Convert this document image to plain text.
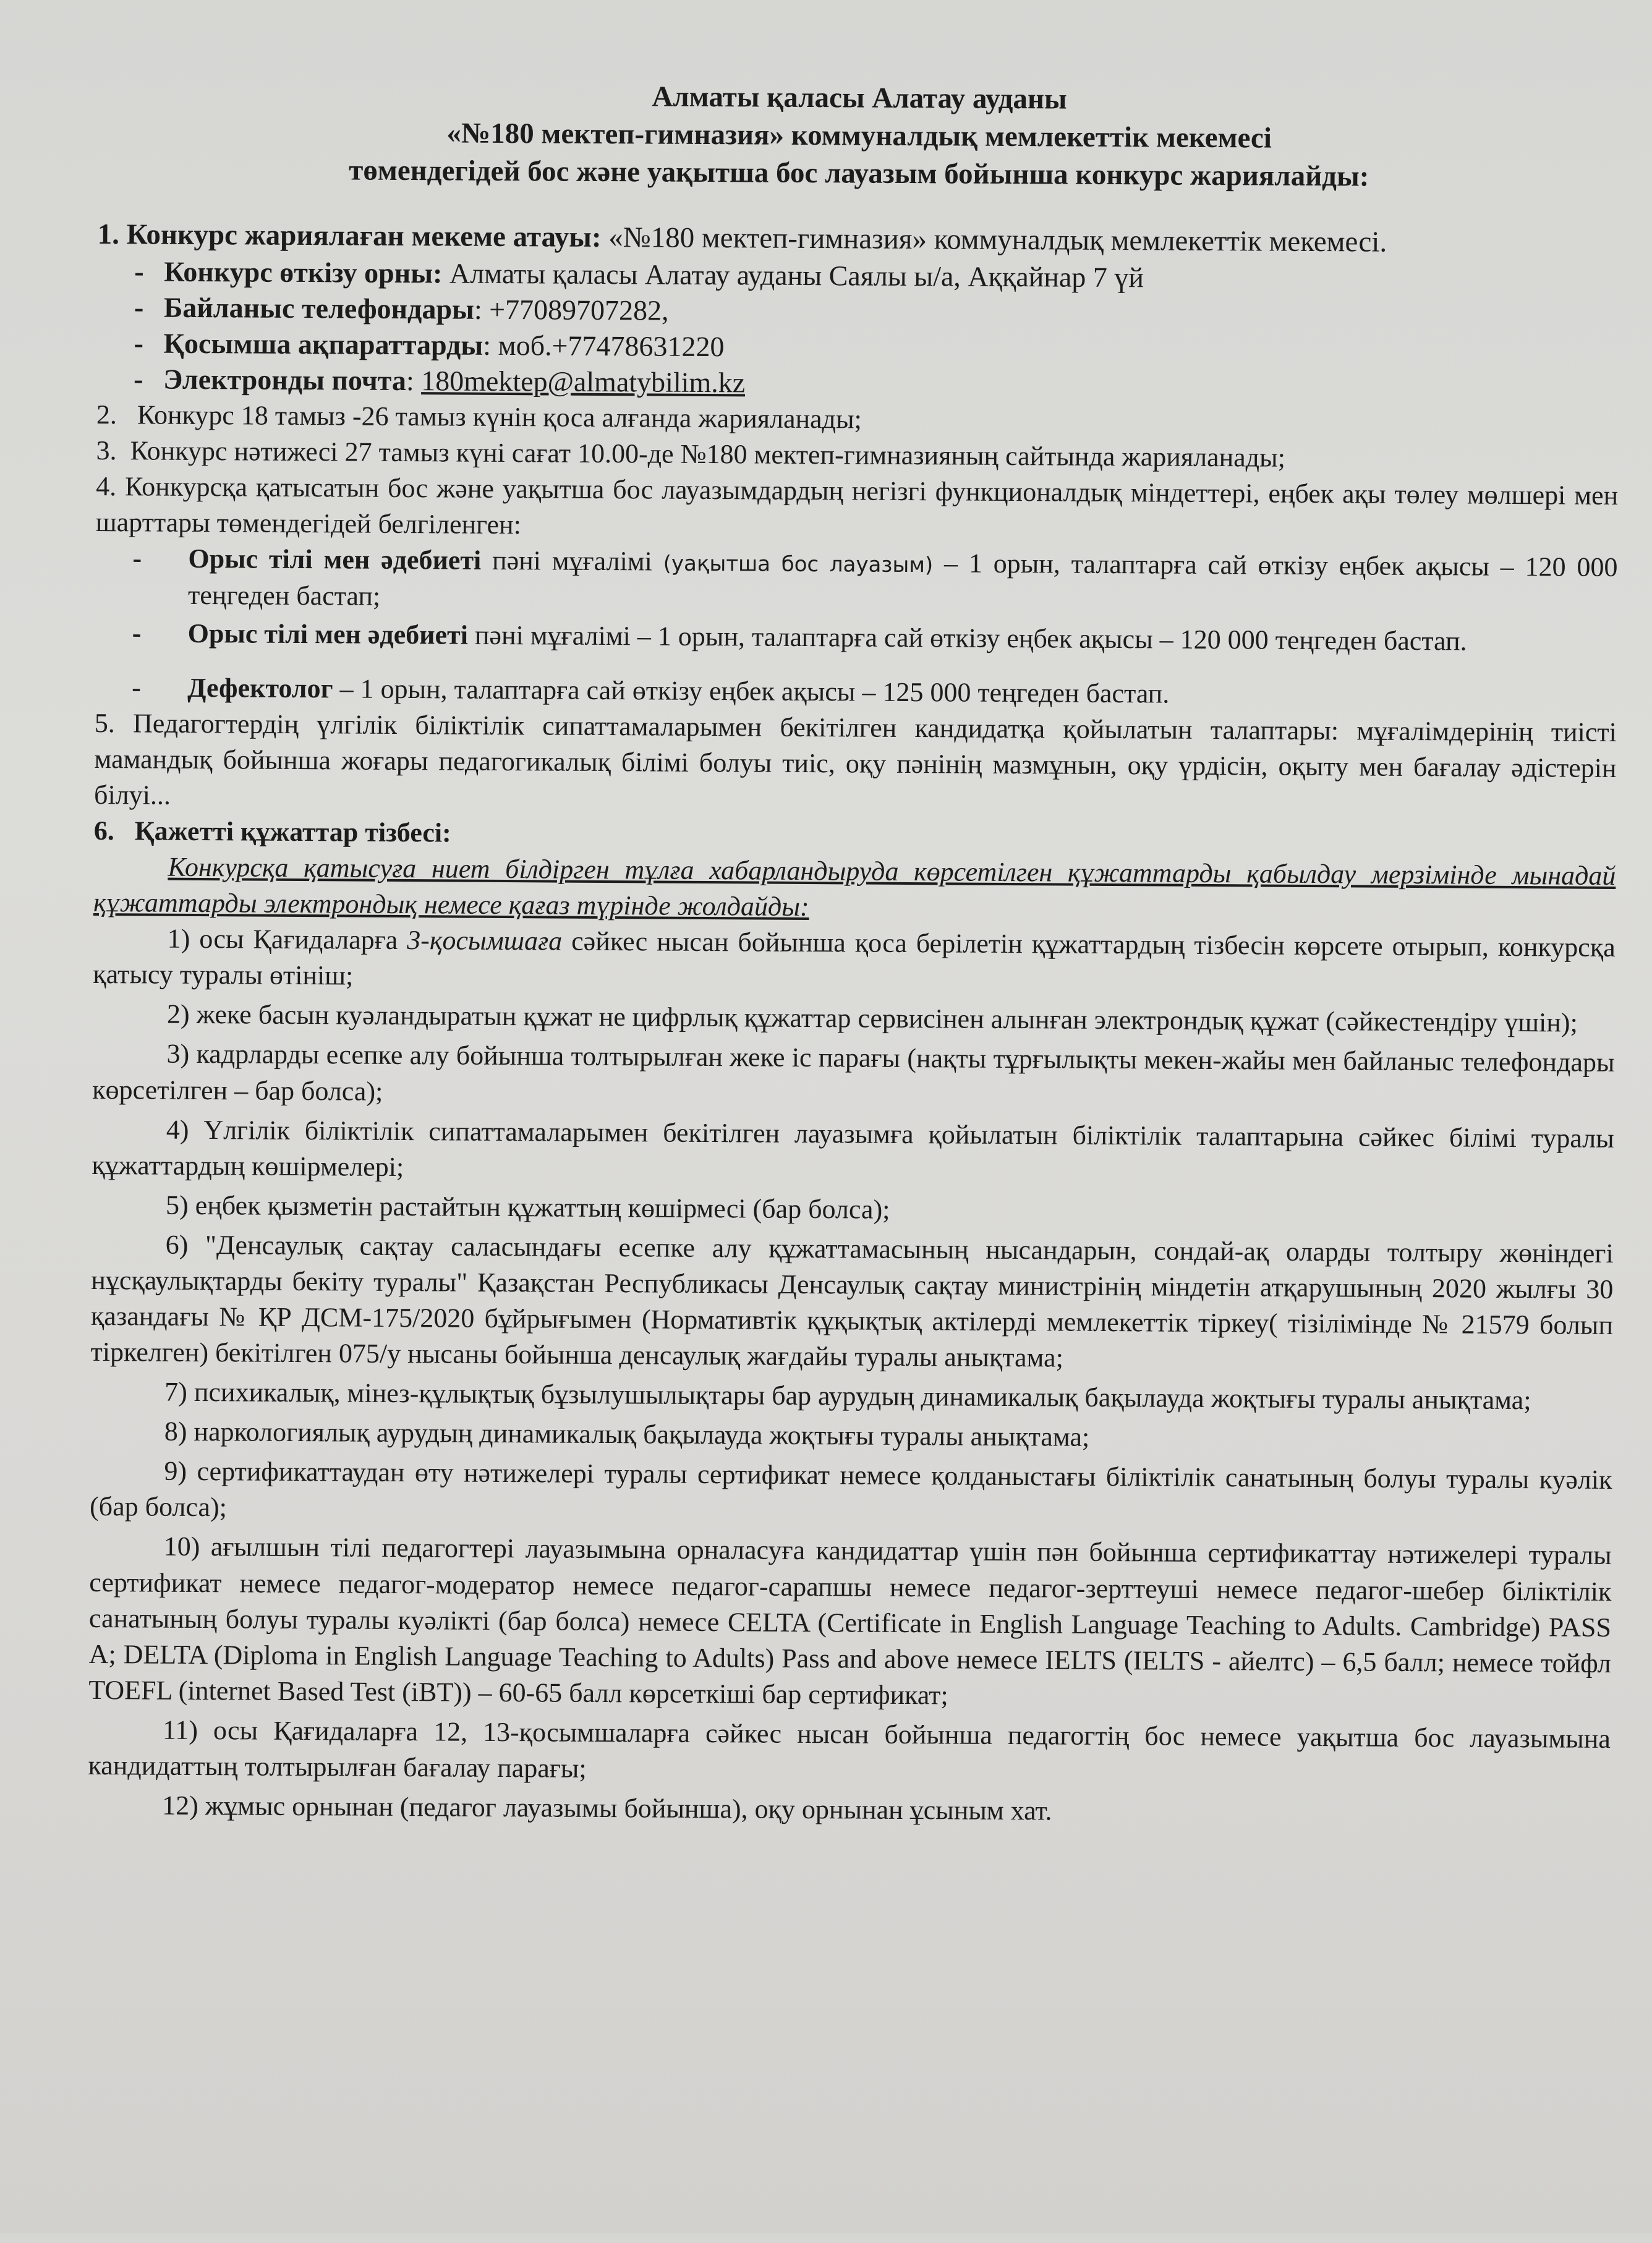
Алматы қаласы Алатау ауданы
«№180 мектеп-гимназия» коммуналдық мемлекеттік мекемесі
төмендегідей бос және уақытша бос лауазым бойынша конкурс жариялайды:

1. Конкурс жариялаған мекеме атауы: «№180 мектеп-гимназия» коммуналдық мемлекеттік мекемесі.

- Конкурс өткізу орны: Алматы қаласы Алатау ауданы Саялы ы/а, Аққайнар 7 үй
- Байланыс телефондары: +77089707282,
- Қосымша ақпараттарды: моб.+77478631220
- Электронды почта: 180mektep@almatybilim.kz

2. Конкурс 18 тамыз -26 тамыз күнін қоса алғанда жарияланады;

3. Конкурс нәтижесі 27 тамыз күні сағат 10.00-де №180 мектеп-гимназияның сайтында жарияланады;

4. Конкурсқа қатысатын бос және уақытша бос лауазымдардың негізгі функционалдық міндеттері, еңбек ақы төлеу мөлшері мен шарттары төмендегідей белгіленген:

- Орыс тілі мен әдебиеті пәні мұғалімі (уақытша бос лауазым) – 1 орын, талаптарға сай өткізу еңбек ақысы – 120 000 теңгеден бастап;
- Орыс тілі мен әдебиеті пәні мұғалімі – 1 орын, талаптарға сай өткізу еңбек ақысы – 120 000 теңгеден бастап.
- Дефектолог – 1 орын, талаптарға сай өткізу еңбек ақысы – 125 000 теңгеден бастап.

5. Педагогтердің үлгілік біліктілік сипаттамаларымен бекітілген кандидатқа қойылатын талаптары: мұғалімдерінің тиісті мамандық бойынша жоғары педагогикалық білімі болуы тиіс, оқу пәнінің мазмұнын, оқу үрдісін, оқыту мен бағалау әдістерін білуі...

6. Қажетті құжаттар тізбесі:

Конкурсқа қатысуға ниет білдірген тұлға хабарландыруда көрсетілген құжаттарды қабылдау мерзімінде мынадай құжаттарды электрондық немесе қағаз түрінде жолдайды:

1) осы Қағидаларға 3-қосымшаға сәйкес нысан бойынша қоса берілетін құжаттардың тізбесін көрсете отырып, конкурсқа қатысу туралы өтініш;

2) жеке басын куәландыратын құжат не цифрлық құжаттар сервисінен алынған электрондық құжат (сәйкестендіру үшін);

3) кадрларды есепке алу бойынша толтырылған жеке іс парағы (нақты тұрғылықты мекен-жайы мен байланыс телефондары көрсетілген – бар болса);

4) Үлгілік біліктілік сипаттамаларымен бекітілген лауазымға қойылатын біліктілік талаптарына сәйкес білімі туралы құжаттардың көшірмелері;

5) еңбек қызметін растайтын құжаттың көшірмесі (бар болса);

6) "Денсаулық сақтау саласындағы есепке алу құжаттамасының нысандарын, сондай-ақ оларды толтыру жөніндегі нұсқаулықтарды бекіту туралы" Қазақстан Республикасы Денсаулық сақтау министрінің міндетін атқарушының 2020 жылғы 30 қазандағы № ҚР ДСМ-175/2020 бұйрығымен (Нормативтік құқықтық актілерді мемлекеттік тіркеу( тізілімінде № 21579 болып тіркелген) бекітілген 075/у нысаны бойынша денсаулық жағдайы туралы анықтама;

7) психикалық, мінез-құлықтық бұзылушылықтары бар аурудың динамикалық бақылауда жоқтығы туралы анықтама;

8) наркологиялық аурудың динамикалық бақылауда жоқтығы туралы анықтама;

9) сертификаттаудан өту нәтижелері туралы сертификат немесе қолданыстағы біліктілік санатының болуы туралы куәлік (бар болса);

10) ағылшын тілі педагогтері лауазымына орналасуға кандидаттар үшін пән бойынша сертификаттау нәтижелері туралы сертификат немесе педагог-модератор немесе педагог-сарапшы немесе педагог-зерттеуші немесе педагог-шебер біліктілік санатының болуы туралы куәлікті (бар болса) немесе CELTA (Certificate in English Language Teaching to Adults. Cambridge) PASS A; DELTA (Diploma in English Language Teaching to Adults) Pass and above немесе IELTS (IELTS - айелтс) – 6,5 балл; немесе тойфл TOEFL (internet Based Test (iBT)) – 60-65 балл көрсеткіші бар сертификат;

11) осы Қағидаларға 12, 13-қосымшаларға сәйкес нысан бойынша педагогтің бос немесе уақытша бос лауазымына кандидаттың толтырылған бағалау парағы;

12) жұмыс орнынан (педагог лауазымы бойынша), оқу орнынан ұсыным хат.
